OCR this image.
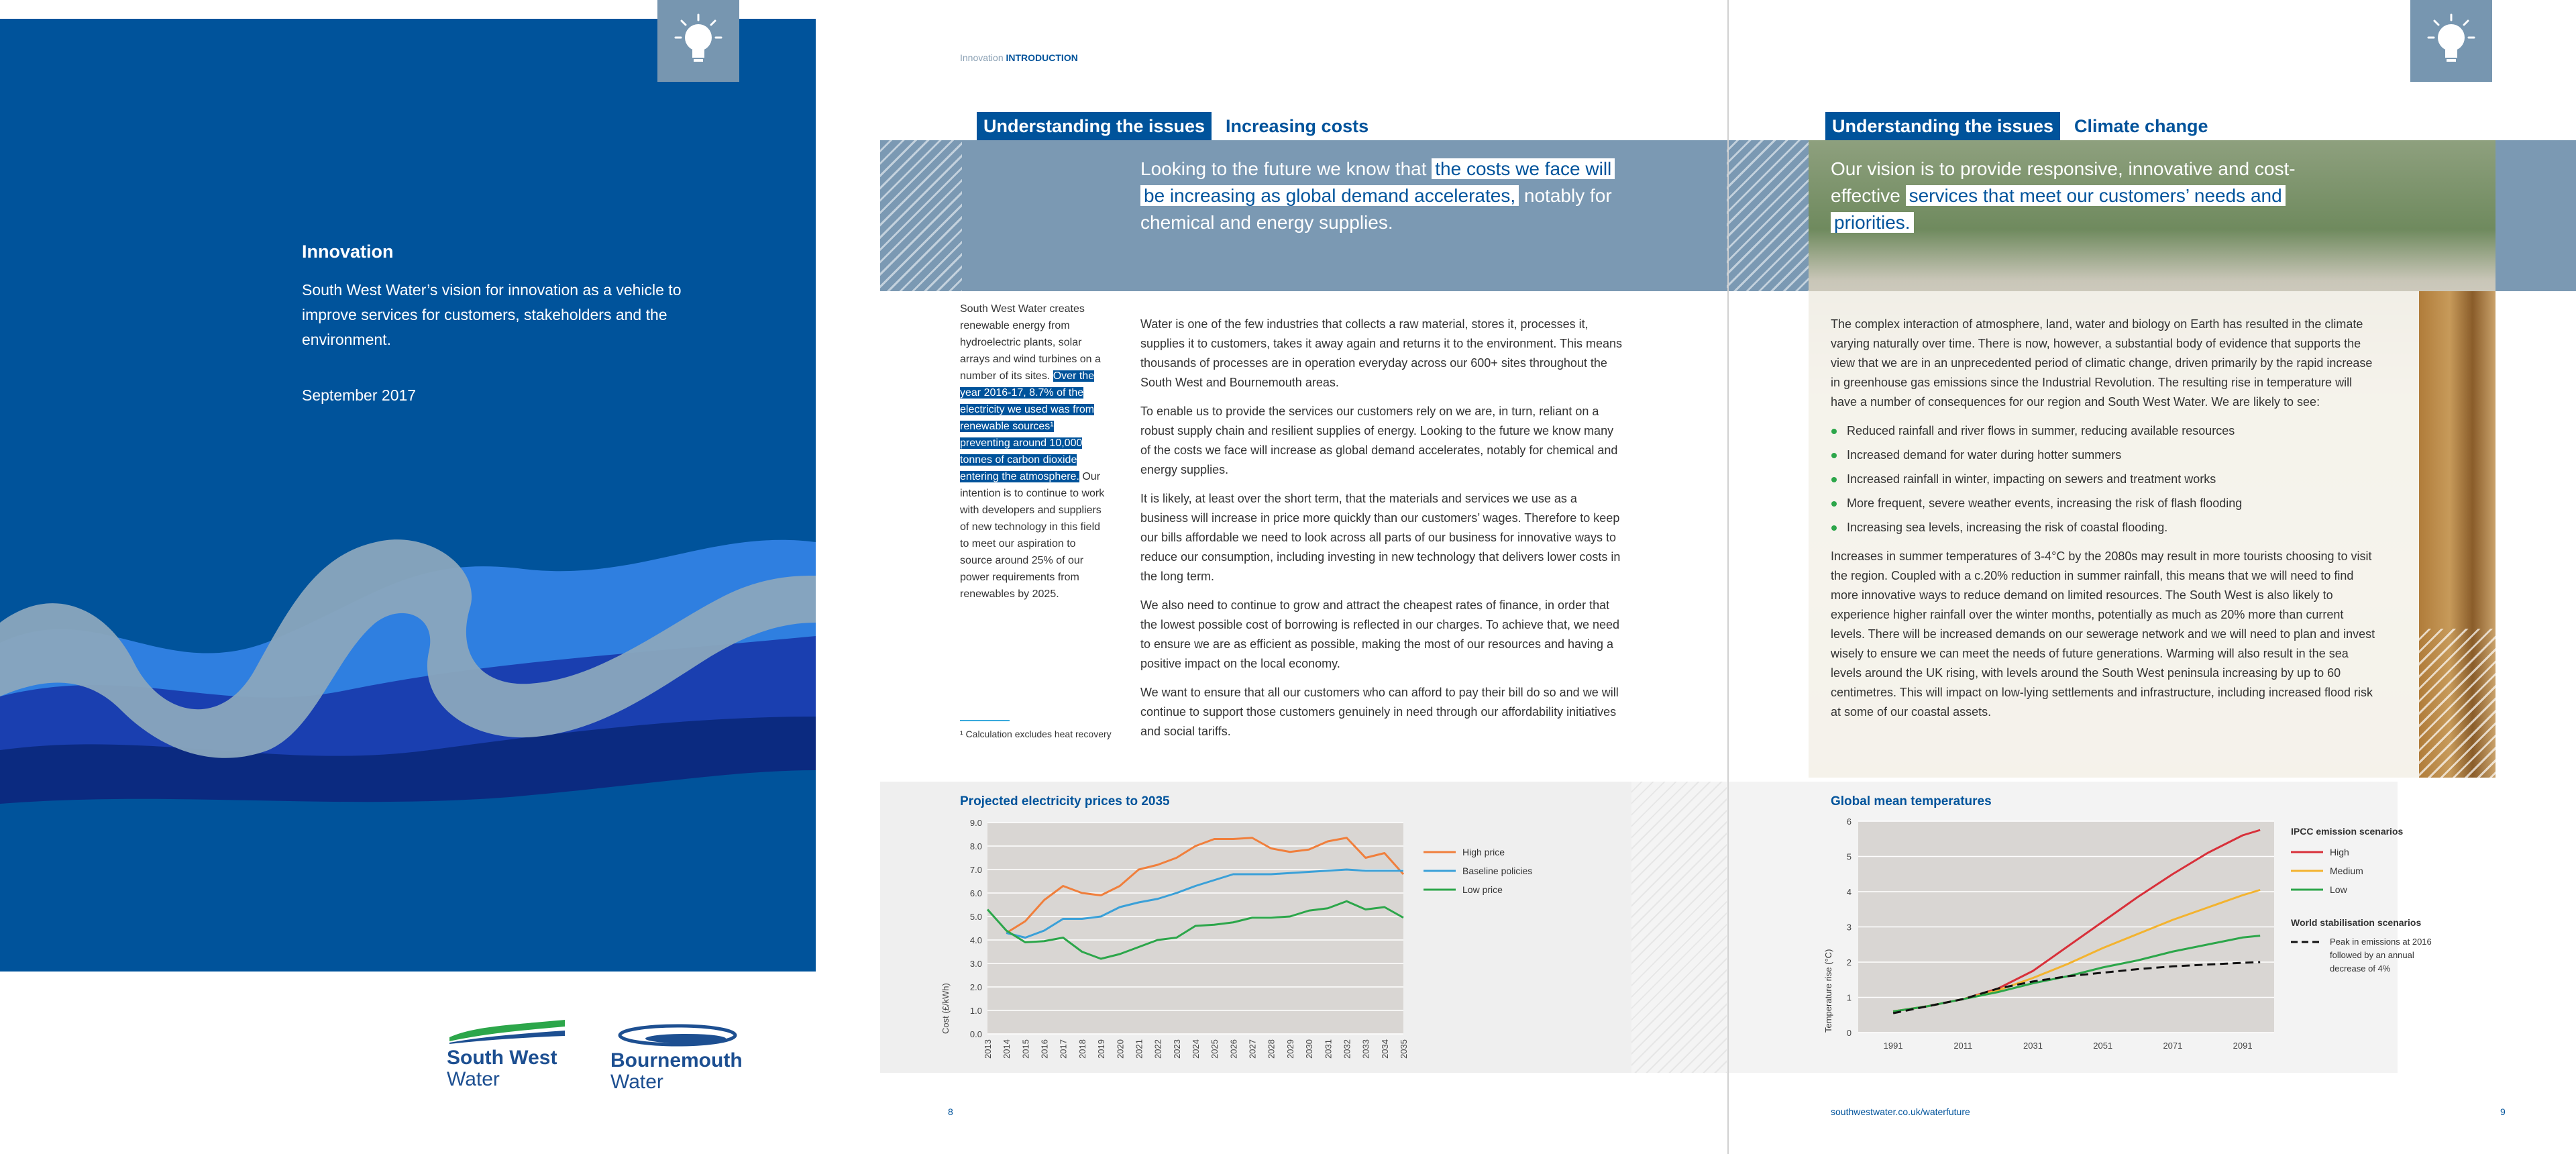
Innovation
South West Water’s vision for innovation as a vehicle to improve services for customers, stakeholders and the environment.
September 2017
South West
Water
Bournemouth
Water
Innovation INTRODUCTION
Understanding the issues	Increasing costs	Understanding the issues	Climate change
Looking to the future we know that the costs we face will be increasing as global demand accelerates, notably for chemical and energy supplies.
Our vision is to provide responsive, innovative and cost-effective services that meet our customers’ needs and priorities.
South West Water creates renewable energy from hydroelectric plants, solar arrays and wind turbines on a number of its sites. Over the year 2016-17, 8.7% of the electricity we used was from renewable sources¹ preventing around 10,000 tonnes of carbon dioxide entering the atmosphere. Our intention is to continue to work with developers and suppliers of new technology in this field to meet our aspiration to source around 25% of our power requirements from renewables by 2025.
¹ Calculation excludes heat recovery

Water is one of the few industries that collects a raw material, stores it, processes it, supplies it to customers, takes it away again and returns it to the environment. This means thousands of processes are in operation everyday across our 600+ sites throughout the South West and Bournemouth areas.

To enable us to provide the services our customers rely on we are, in turn, reliant on a robust supply chain and resilient supplies of energy. Looking to the future we know many of the costs we face will increase as global demand accelerates, notably for chemical and energy supplies.

It is likely, at least over the short term, that the materials and services we use as a business will increase in price more quickly than our customers’ wages. Therefore to keep our bills affordable we need to look across all parts of our business for innovative ways to reduce our consumption, including investing in new technology that delivers lower costs in the long term.

We also need to continue to grow and attract the cheapest rates of finance, in order that the lowest possible cost of borrowing is reflected in our charges. To achieve that, we need to ensure we are as efficient as possible, making the most of our resources and having a positive impact on the local economy.

We want to ensure that all our customers who can afford to pay their bill do so and we will continue to support those customers genuinely in need through our affordability initiatives and social tariffs.

Projected electricity prices to 2035
0.0
1.0
2.0
3.0
4.0
5.0
6.0
7.0
8.0
9.0
2013 2014 2015 2016 2017 2018 2019 2020 2021 2022 2023 2024 2025 2026 2027 2028 2029 2030 2031 2032 2033 2034 2035
Cost (£/kWh)
High price
Baseline policies
Low price

The complex interaction of atmosphere, land, water and biology on Earth has resulted in the climate varying naturally over time. There is now, however, a substantial body of evidence that supports the view that we are in an unprecedented period of climatic change, driven primarily by the rapid increase in greenhouse gas emissions since the Industrial Revolution. The resulting rise in temperature will have a number of consequences for our region and South West Water. We are likely to see:

Reduced rainfall and river flows in summer, reducing available resources
Increased demand for water during hotter summers
Increased rainfall in winter, impacting on sewers and treatment works
More frequent, severe weather events, increasing the risk of flash flooding
Increasing sea levels, increasing the risk of coastal flooding.

Increases in summer temperatures of 3-4°C by the 2080s may result in more tourists choosing to visit the region. Coupled with a c.20% reduction in summer rainfall, this means that we will need to find more innovative ways to reduce demand on limited resources. The South West is also likely to experience higher rainfall over the winter months, potentially as much as 20% more than current levels. There will be increased demands on our sewerage network and we will need to plan and invest wisely to ensure we can meet the needs of future generations. Warming will also result in the sea levels around the UK rising, with levels around the South West peninsula increasing by up to 60 centimetres. This will impact on low-lying settlements and infrastructure, including increased flood risk at some of our coastal assets.

Global mean temperatures
0
1
2
3
4
5
6
1991	2011	2031	2051	2071	2091
Temperature rise (°C)
IPCC emission scenarios
High
Medium
Low
World stabilisation scenarios
Peak in emissions at 2016
followed by an annual
decrease of 4%
8	southwestwater.co.uk/waterfuture	9
